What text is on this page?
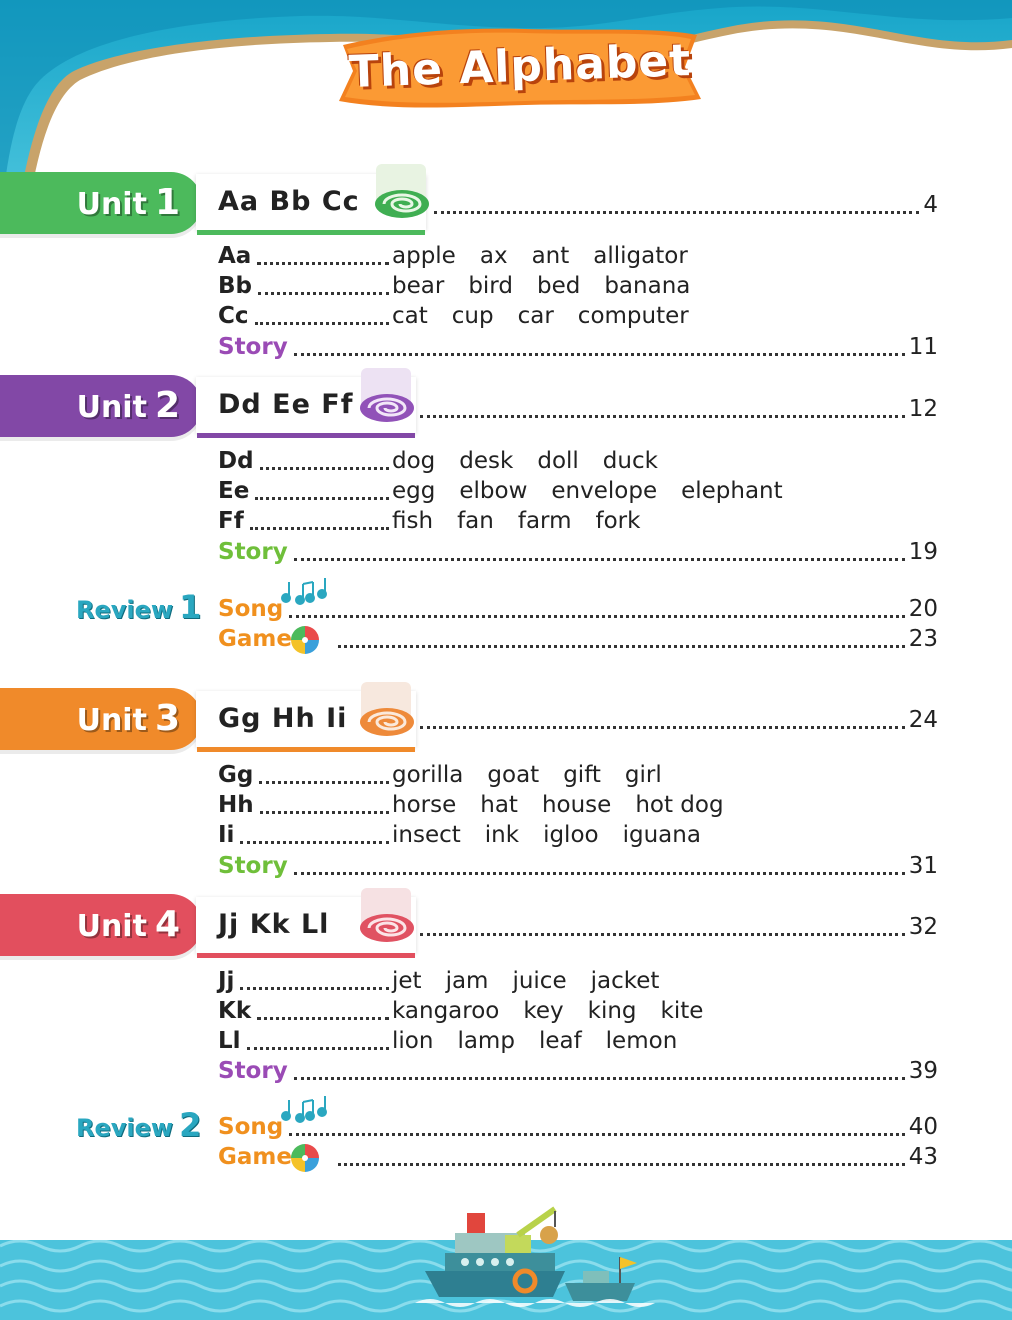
The Alphabet
Unit 1 Aa Bb Cc	4
Aa	apple ax ant alligator
Bb	bear bird bed banana
Cc	cat cup car computer
Story	11
Unit 2 Dd Ee Ff	12
Dd	dog desk doll duck
Ee	egg elbow envelope elephant
Ff	fish fan farm fork
Story	19
Review 1 Song	20
Game	23
Unit 3 Gg Hh Ii	24
Gg	gorilla goat gift girl
Hh	horse hat house hot dog
Ii	insect ink igloo iguana
Story	31
Unit 4 Jj Kk Ll	32
Jj	jet jam juice jacket
Kk	kangaroo key king kite
Ll	lion lamp leaf lemon
Story	39
Review 2 Song	40
Game	43
